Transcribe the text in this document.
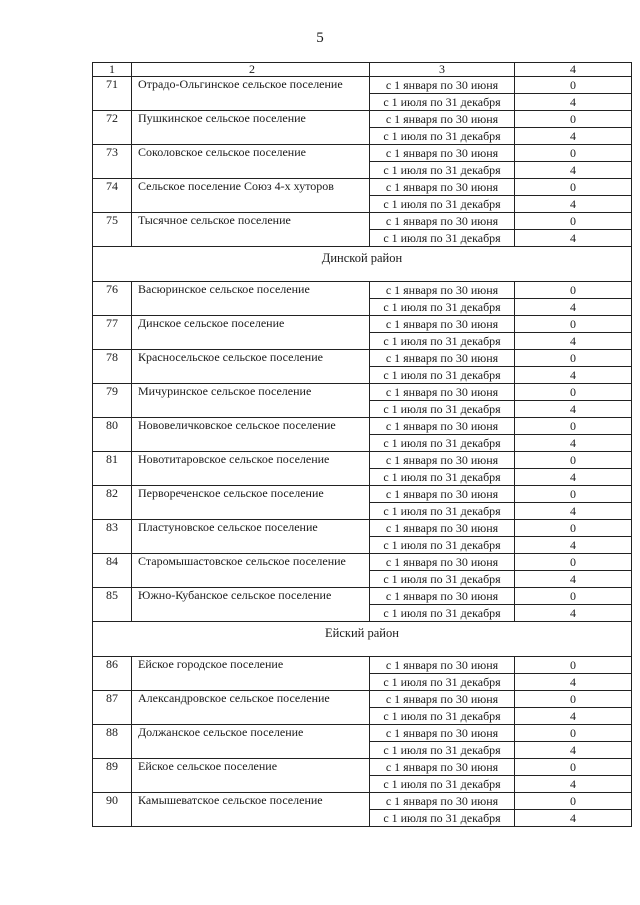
5
1	2	3	4
71	Отрадо-Ольгинское сельское поселение	с 1 января по 30 июня	0
		с 1 июля по 31 декабря	4
72	Пушкинское сельское поселение	с 1 января по 30 июня	0
		с 1 июля по 31 декабря	4
73	Соколовское сельское поселение	с 1 января по 30 июня	0
		с 1 июля по 31 декабря	4
74	Сельское поселение Союз 4-х хуторов	с 1 января по 30 июня	0
		с 1 июля по 31 декабря	4
75	Тысячное сельское поселение	с 1 января по 30 июня	0
		с 1 июля по 31 декабря	4
Динской район			
76	Васюринское сельское поселение	с 1 января по 30 июня	0
		с 1 июля по 31 декабря	4
77	Динское сельское поселение	с 1 января по 30 июня	0
		с 1 июля по 31 декабря	4
78	Красносельское сельское поселение	с 1 января по 30 июня	0
		с 1 июля по 31 декабря	4
79	Мичуринское сельское поселение	с 1 января по 30 июня	0
		с 1 июля по 31 декабря	4
80	Нововеличковское сельское поселение	с 1 января по 30 июня	0
		с 1 июля по 31 декабря	4
81	Новотитаровское сельское поселение	с 1 января по 30 июня	0
		с 1 июля по 31 декабря	4
82	Первореченское сельское поселение	с 1 января по 30 июня	0
		с 1 июля по 31 декабря	4
83	Пластуновское сельское поселение	с 1 января по 30 июня	0
		с 1 июля по 31 декабря	4
84	Старомышастовское сельское поселение	с 1 января по 30 июня	0
		с 1 июля по 31 декабря	4
85	Южно-Кубанское сельское поселение	с 1 января по 30 июня	0
		с 1 июля по 31 декабря	4
Ейский район			
86	Ейское городское поселение	с 1 января по 30 июня	0
		с 1 июля по 31 декабря	4
87	Александровское сельское поселение	с 1 января по 30 июня	0
		с 1 июля по 31 декабря	4
88	Должанское сельское поселение	с 1 января по 30 июня	0
		с 1 июля по 31 декабря	4
89	Ейское сельское поселение	с 1 января по 30 июня	0
		с 1 июля по 31 декабря	4
90	Камышеватское сельское поселение	с 1 января по 30 июня	0
		с 1 июля по 31 декабря	4
